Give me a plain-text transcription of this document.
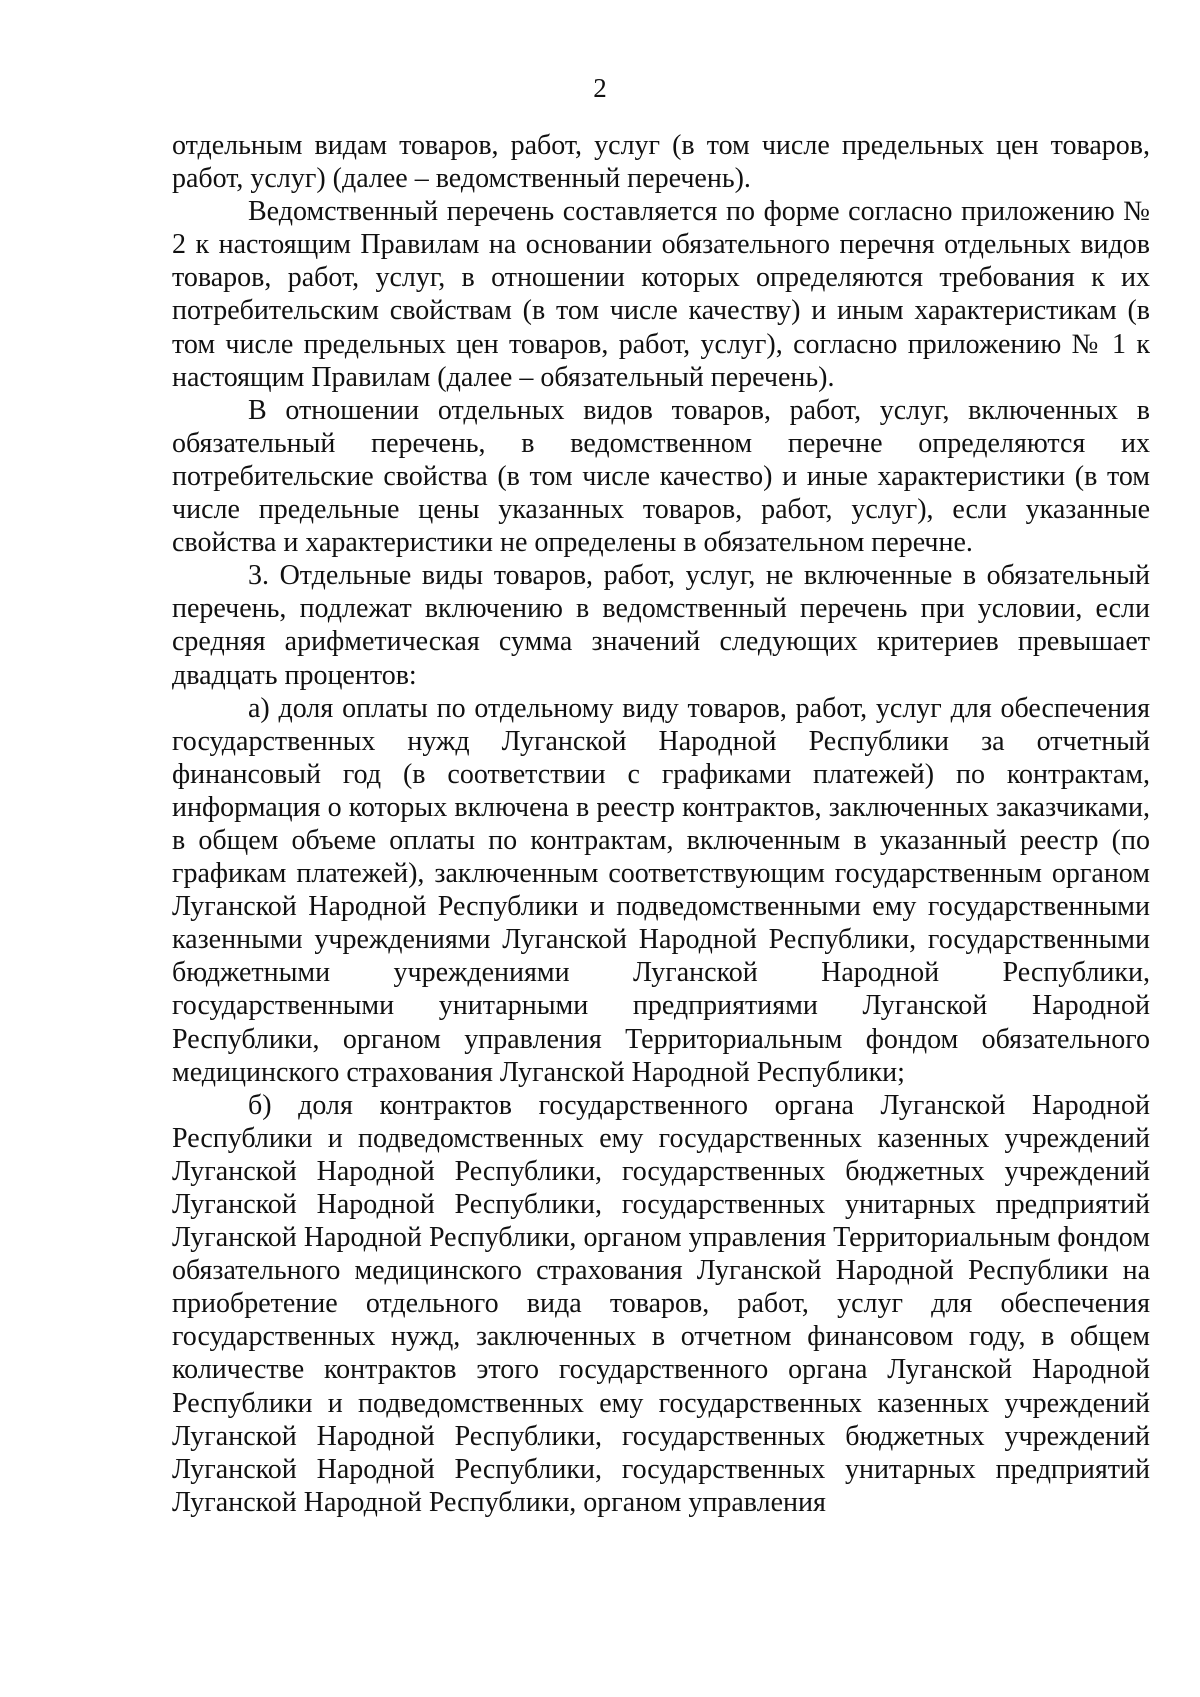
2

отдельным видам товаров, работ, услуг (в том числе предельных цен товаров, работ, услуг) (далее – ведомственный перечень).

Ведомственный перечень составляется по форме согласно приложению № 2 к настоящим Правилам на основании обязательного перечня отдельных видов товаров, работ, услуг, в отношении которых определяются требования к их потребительским свойствам (в том числе качеству) и иным характеристикам (в том числе предельных цен товаров, работ, услуг), согласно приложению № 1 к настоящим Правилам (далее – обязательный перечень).

В отношении отдельных видов товаров, работ, услуг, включенных в обязательный перечень, в ведомственном перечне определяются их потребительские свойства (в том числе качество) и иные характеристики (в том числе предельные цены указанных товаров, работ, услуг), если указанные свойства и характеристики не определены в обязательном перечне.

3. Отдельные виды товаров, работ, услуг, не включенные в обязательный перечень, подлежат включению в ведомственный перечень при условии, если средняя арифметическая сумма значений следующих критериев превышает двадцать процентов:

а) доля оплаты по отдельному виду товаров, работ, услуг для обеспечения государственных нужд Луганской Народной Республики за отчетный финансовый год (в соответствии с графиками платежей) по контрактам, информация о которых включена в реестр контрактов, заключенных заказчиками, в общем объеме оплаты по контрактам, включенным в указанный реестр (по графикам платежей), заключенным соответствующим государственным органом Луганской Народной Республики и подведомственными ему государственными казенными учреждениями Луганской Народной Республики, государственными бюджетными учреждениями Луганской Народной Республики, государственными унитарными предприятиями Луганской Народной Республики, органом управления Территориальным фондом обязательного медицинского страхования Луганской Народной Республики;

б) доля контрактов государственного органа Луганской Народной Республики и подведомственных ему государственных казенных учреждений Луганской Народной Республики, государственных бюджетных учреждений Луганской Народной Республики, государственных унитарных предприятий Луганской Народной Республики, органом управления Территориальным фондом обязательного медицинского страхования Луганской Народной Республики на приобретение отдельного вида товаров, работ, услуг для обеспечения государственных нужд, заключенных в отчетном финансовом году, в общем количестве контрактов этого государственного органа Луганской Народной Республики и подведомственных ему государственных казенных учреждений Луганской Народной Республики, государственных бюджетных учреждений Луганской Народной Республики, государственных унитарных предприятий Луганской Народной Республики, органом управления
